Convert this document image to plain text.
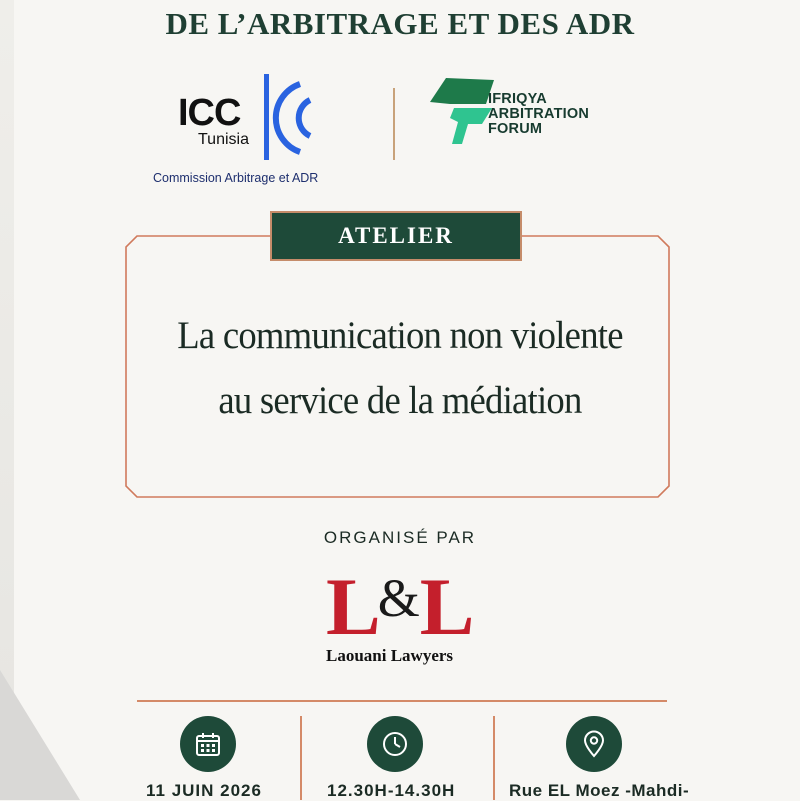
DE L’ARBITRAGE ET DES ADR
ICC
Tunisia
Commission Arbitrage et ADR
IFRIQYA
ARBITRATION
FORUM
ATELIER
La communication non violente
au service de la médiation
ORGANISÉ PAR
L&L
Laouani Lawyers
11 JUIN 2026	12.30H-14.30H	Rue EL Moez -Mahdi-
